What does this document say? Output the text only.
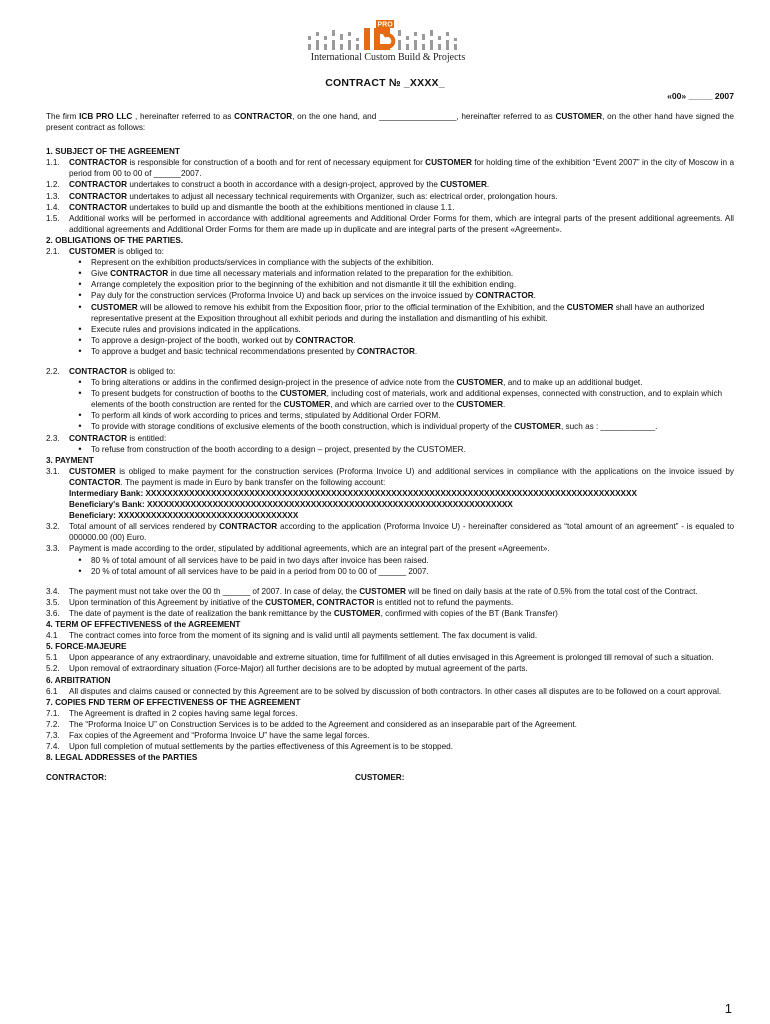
PRO
International Custom Build & Projects
CONTRACT № _XXXX_
«00» _____ 2007

The firm ICB PRO LLC , hereinafter referred to as CONTRACTOR, on the one hand, and _________________, hereinafter referred to as CUSTOMER, on the other hand have signed the present contract as follows:

1. SUBJECT OF THE AGREEMENT

1.1.	CONTRACTOR is responsible for construction of a booth and for rent of necessary equipment for CUSTOMER for holding time of the exhibition “Event 2007” in the city of Moscow in a period from 00 to 00 of ______2007.
1.2.	CONTRACTOR undertakes to construct a booth in accordance with a design-project, approved by the CUSTOMER.
1.3.	CONTRACTOR undertakes to adjust all necessary technical requirements with Organizer, such as: electrical order, prolongation hours.
1.4.	CONTRACTOR undertakes to build up and dismantle the booth at the exhibitions mentioned in clause 1.1.
1.5.	Additional works will be performed in accordance with additional agreements and Additional Order Forms for them, which are integral parts of the present additional agreements. All additional agreements and Additional Order Forms for them are made up in duplicate and are integral parts of the present «Agreement».

2. OBLIGATIONS OF THE PARTIES.

2.1.	CUSTOMER is obliged to:
•	Represent on the exhibition products/services in compliance with the subjects of the exhibition.
•	Give CONTRACTOR in due time all necessary materials and information related to the preparation for the exhibition.
•	Arrange completely the exposition prior to the beginning of the exhibition and not dismantle it till the exhibition ending.
•	Pay duly for the construction services (Proforma Invoice U) and back up services on the invoice issued by CONTRACTOR.
•	CUSTOMER will be allowed to remove his exhibit from the Exposition floor, prior to the official termination of the Exhibition, and the CUSTOMER shall have an authorized representative present at the Exposition throughout all exhibit periods and during the installation and dismantling of his exhibit.
•	Execute rules and provisions indicated in the applications.
•	To approve a design-project of the booth, worked out by CONTRACTOR.
•	To approve a budget and basic technical recommendations presented by CONTRACTOR.
2.2.	CONTRACTOR is obliged to:
•	To bring alterations or addins in the confirmed design-project in the presence of advice note from the CUSTOMER, and to make up an additional budget.
•	To present budgets for construction of booths to the CUSTOMER, including cost of materials, work and additional expenses, connected with construction, and to explain which elements of the booth construction are rented for the CUSTOMER, and which are carried over to the CUSTOMER.
•	To perform all kinds of work according to prices and terms, stipulated by Additional Order FORM.
•	To provide with storage conditions of exclusive elements of the booth construction, which is individual property of the CUSTOMER, such as : ____________.
2.3.	CONTRACTOR is entitled:
•	To refuse from construction of the booth according to a design – project, presented by the CUSTOMER.

3. PAYMENT

3.1.	CUSTOMER is obliged to make payment for the construction services (Proforma Invoice U) and additional services in compliance with the applications on the invoice issued by CONTACTOR. The payment is made in Euro by bank transfer on the following account:
Intermediary Bank: XXXXXXXXXXXXXXXXXXXXXXXXXXXXXXXXXXXXXXXXXXXXXXXXXXXXXXXXXXXXXXXXXXXXXXXXXXXXXXXXXXXXXXXXXX
Beneficiary's Bank: XXXXXXXXXXXXXXXXXXXXXXXXXXXXXXXXXXXXXXXXXXXXXXXXXXXXXXXXXXXXXXXXXXX
Beneficiary: XXXXXXXXXXXXXXXXXXXXXXXXXXXXXXXXX
3.2.	Total amount of all services rendered by CONTRACTOR according to the application (Proforma Invoice U) - hereinafter considered as “total amount of an agreement” - is equaled to 000000.00 (00) Euro.
3.3.	Payment is made according to the order, stipulated by additional agreements, which are an integral part of the present «Agreement».
•	80 % of total amount of all services have to be paid in two days after invoice has been raised.
•	20 % of total amount of all services have to be paid in a period from 00 to 00 of ______ 2007.
3.4.	The payment must not take over the 00 th ______ of 2007. In case of delay, the CUSTOMER will be fined on daily basis at the rate of 0.5% from the total cost of the Contract.
3.5.	Upon termination of this Agreement by initiative of the CUSTOMER, CONTRACTOR is entitled not to refund the payments.
3.6.	The date of payment is the date of realization the bank remittance by the CUSTOMER, confirmed with copies of the BT (Bank Transfer)

4. TERM OF EFFECTIVENESS of the AGREEMENT

4.1	The contract comes into force from the moment of its signing and is valid until all payments settlement. The fax document is valid.

5. FORCE-MAJEURE

5.1	Upon appearance of any extraordinary, unavoidable and extreme situation, time for fulfillment of all duties envisaged in this Agreement is prolonged till removal of such a situation.
5.2.	Upon removal of extraordinary situation (Force-Major) all further decisions are to be adopted by mutual agreement of the parts.

6. ARBITRATION

6.1	All disputes and claims caused or connected by this Agreement are to be solved by discussion of both contractors. In other cases all disputes are to be followed on a court approval.

7. COPIES FND TERM OF EFFECTIVENESS OF THE AGREEMENT

7.1.	The Agreement is drafted in 2 copies having same legal forces.
7.2.	The “Proforma Inoice U” on Construction Services is to be added to the Agreement and considered as an inseparable part of the Agreement.
7.3.	Fax copies of the Agreement and “Proforma Invoice U” have the same legal forces.
7.4.	Upon full completion of mutual settlements by the parties effectiveness of this Agreement is to be stopped.

8. LEGAL ADDRESSES of the PARTIES

CONTRACTOR:	CUSTOMER:
1
